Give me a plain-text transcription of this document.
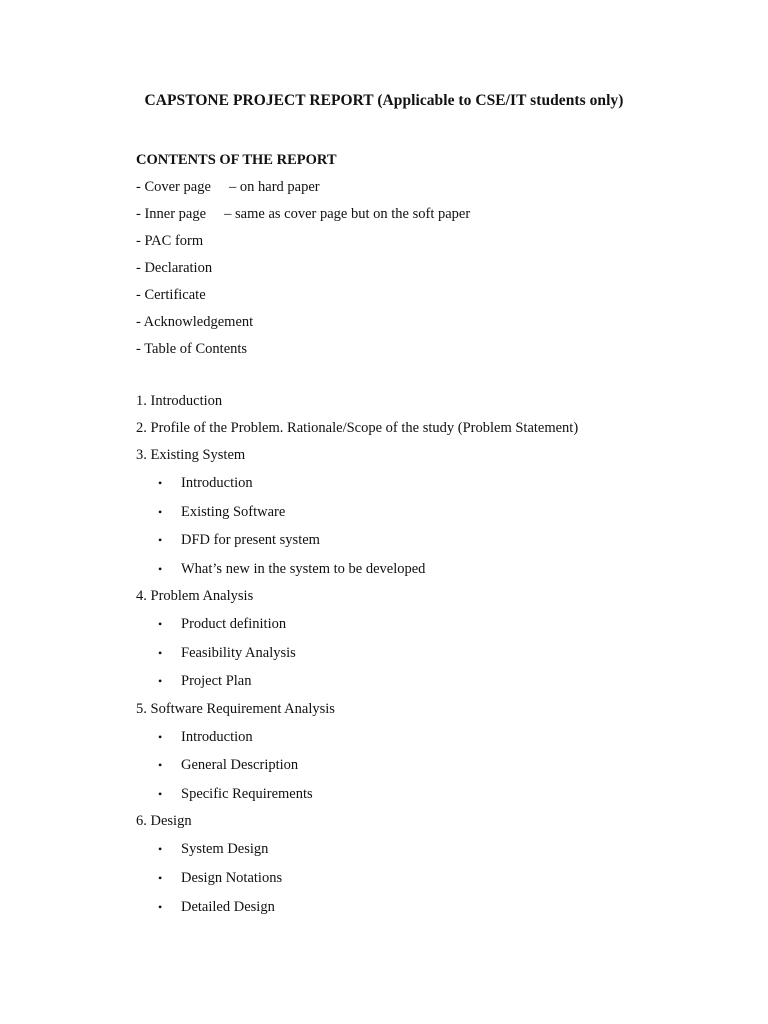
CAPSTONE PROJECT REPORT (Applicable to CSE/IT students only)
CONTENTS OF THE REPORT
- Cover page     – on hard paper
- Inner page     – same as cover page but on the soft paper
- PAC form
- Declaration
- Certificate
- Acknowledgement
- Table of Contents
1. Introduction
2. Profile of the Problem. Rationale/Scope of the study (Problem Statement)
3. Existing System
• Introduction
• Existing Software
• DFD for present system
• What’s new in the system to be developed
4. Problem Analysis
• Product definition
• Feasibility Analysis
• Project Plan
5. Software Requirement Analysis
• Introduction
• General Description
• Specific Requirements
6. Design
• System Design
• Design Notations
• Detailed Design
